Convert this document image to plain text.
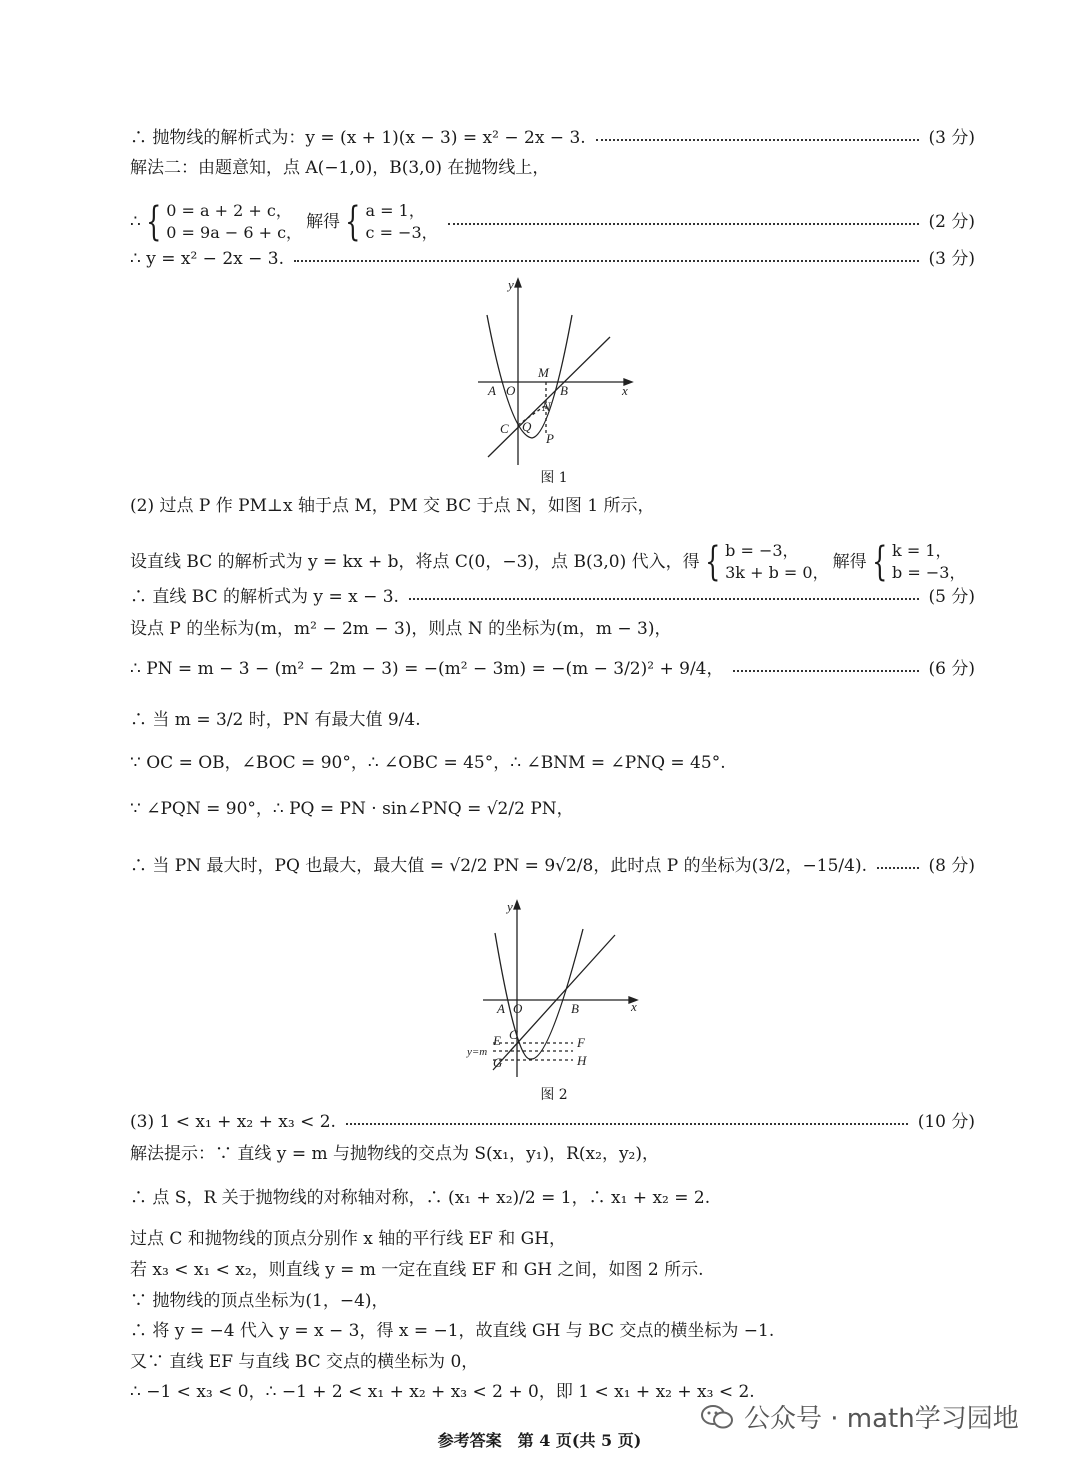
∴ 抛物线的解析式为：y = (x + 1)(x − 3) = x² − 2x − 3.	(3 分)
解法二：由题意知，点 A(−1,0)，B(3,0) 在抛物线上，
∴ { 0 = a + 2 + c，
0 = 9a − 6 + c，
解得 { a = 1，
c = −3，
(2 分)
∴ y = x² − 2x − 3.	(3 分)
y
x
A O
M
B
N
C Q
P
图 1
(2) 过点 P 作 PM⊥x 轴于点 M，PM 交 BC 于点 N，如图 1 所示，
设直线 BC 的解析式为 y = kx + b，将点 C(0，−3)，点 B(3,0) 代入，得 { b = −3，
3k + b = 0，
解得 { k = 1，
b = −3，
∴ 直线 BC 的解析式为 y = x − 3.	(5 分)
设点 P 的坐标为(m，m² − 2m − 3)，则点 N 的坐标为(m，m − 3)，
∴ PN = m − 3 − (m² − 2m − 3) = −(m² − 3m) = −(m − 3/2)² + 9/4，	(6 分)
∴ 当 m = 3/2 时，PN 有最大值 9/4.
∵ OC = OB，∠BOC = 90°，∴ ∠OBC = 45°，∴ ∠BNM = ∠PNQ = 45°.
∵ ∠PQN = 90°，∴ PQ = PN · sin∠PNQ = √2/2 PN，
∴ 当 PN 最大时，PQ 也最大，最大值 = √2/2 PN = 9√2/8，此时点 P 的坐标为(3/2，−15/4).	(8 分)
y
x
A O	B
E C
F
y=m
G	H
图 2
(3) 1 < x₁ + x₂ + x₃ < 2.	(10 分)
解法提示：∵ 直线 y = m 与抛物线的交点为 S(x₁，y₁)，R(x₂，y₂)，
∴ 点 S，R 关于抛物线的对称轴对称，∴ (x₁ + x₂)/2 = 1，∴ x₁ + x₂ = 2.
过点 C 和抛物线的顶点分别作 x 轴的平行线 EF 和 GH，
若 x₃ < x₁ < x₂，则直线 y = m 一定在直线 EF 和 GH 之间，如图 2 所示.
∵ 抛物线的顶点坐标为(1，−4)，
∴ 将 y = −4 代入 y = x − 3，得 x = −1，故直线 GH 与 BC 交点的横坐标为 −1.
又∵ 直线 EF 与直线 BC 交点的横坐标为 0，
∴ −1 < x₃ < 0，∴ −1 + 2 < x₁ + x₂ + x₃ < 2 + 0，即 1 < x₁ + x₂ + x₃ < 2.
公众号 · math学习园地
参考答案　第 4 页(共 5 页)
